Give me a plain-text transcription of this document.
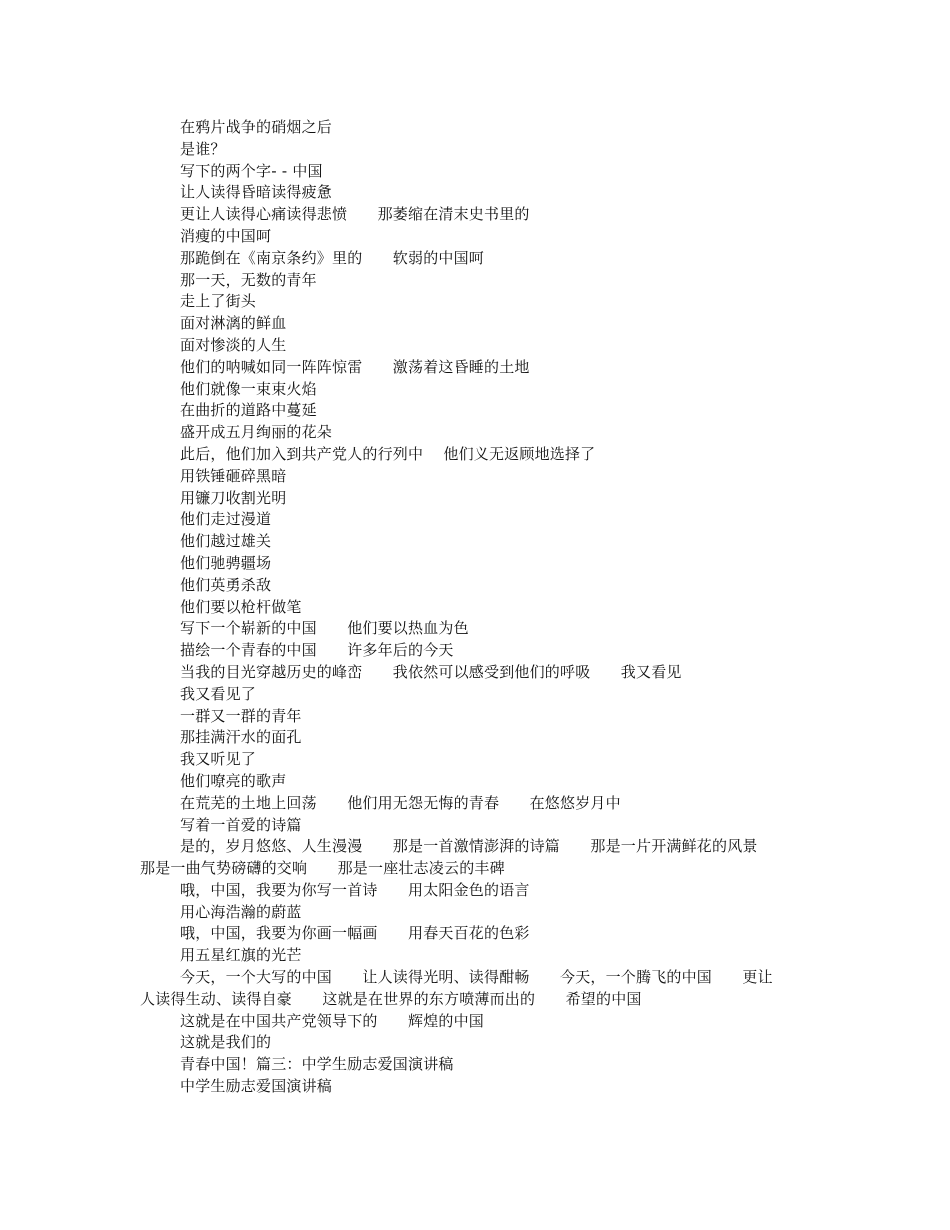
在鸦片战争的硝烟之后
是谁？
写下的两个字- - 中国
让人读得昏暗读得疲惫
更让人读得心痛读得悲愤　　那萎缩在清末史书里的
消瘦的中国呵
那跪倒在《南京条约》里的　　软弱的中国呵
那一天，无数的青年
走上了街头
面对淋漓的鲜血
面对惨淡的人生
他们的呐喊如同一阵阵惊雷　　激荡着这昏睡的土地
他们就像一束束火焰
在曲折的道路中蔓延
盛开成五月绚丽的花朵
此后，他们加入到共产党人的行列中　 他们义无返顾地选择了
用铁锤砸碎黑暗
用镰刀收割光明
他们走过漫道
他们越过雄关
他们驰骋疆场
他们英勇杀敌
他们要以枪杆做笔
写下一个崭新的中国　　他们要以热血为色
描绘一个青春的中国　　许多年后的今天
当我的目光穿越历史的峰峦　　我依然可以感受到他们的呼吸　　我又看见
我又看见了
一群又一群的青年
那挂满汗水的面孔
我又听见了
他们嘹亮的歌声
在荒芜的土地上回荡　　他们用无怨无悔的青春　　在悠悠岁月中
写着一首爱的诗篇
是的，岁月悠悠、人生漫漫　　那是一首激情澎湃的诗篇　　那是一片开满鲜花的风景
那是一曲气势磅礴的交响　　那是一座壮志凌云的丰碑
哦，中国，我要为你写一首诗　　用太阳金色的语言
用心海浩瀚的蔚蓝
哦，中国，我要为你画一幅画　　用春天百花的色彩
用五星红旗的光芒
今天，一个大写的中国　　让人读得光明、读得酣畅　　今天，一个腾飞的中国　　更让
人读得生动、读得自豪　　这就是在世界的东方喷薄而出的　　希望的中国
这就是在中国共产党领导下的　　辉煌的中国
这就是我们的
青春中国！篇三：中学生励志爱国演讲稿
中学生励志爱国演讲稿
